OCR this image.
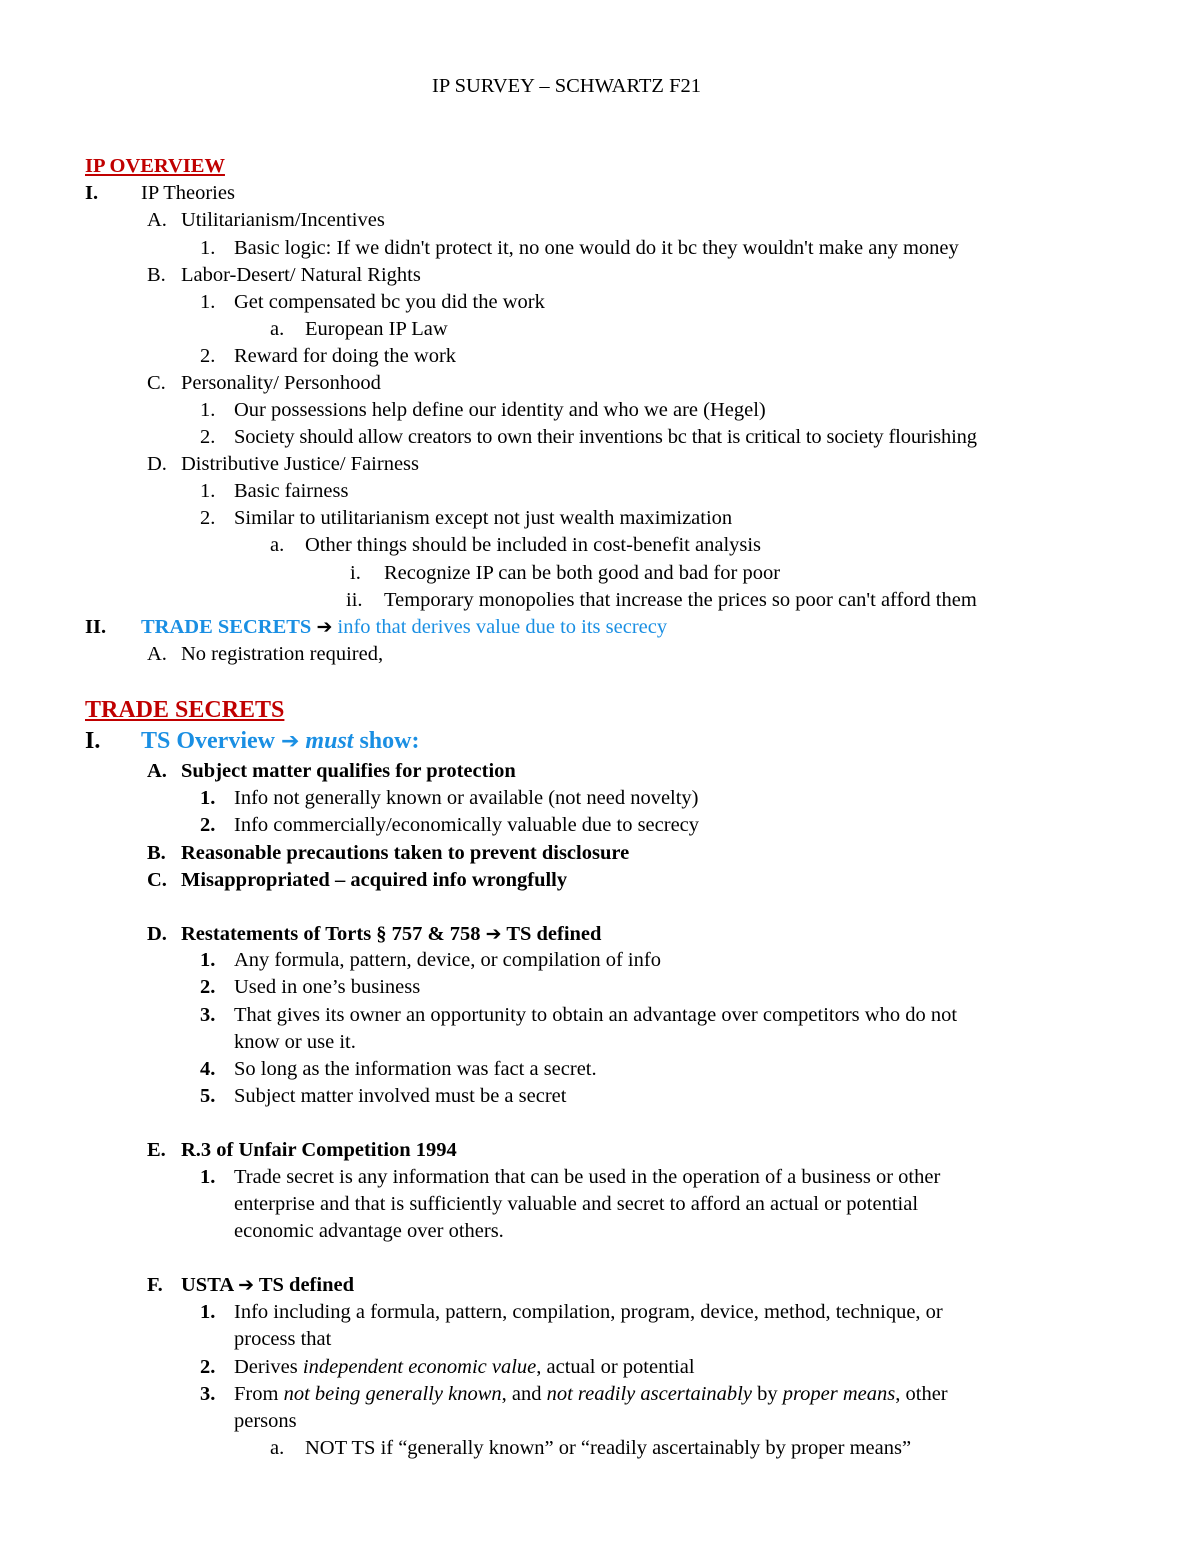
IP SURVEY – SCHWARTZ F21
IP OVERVIEW
I. IP Theories
A. Utilitarianism/Incentives
1. Basic logic: If we didn't protect it, no one would do it bc they wouldn't make any money
B. Labor-Desert/ Natural Rights
1. Get compensated bc you did the work
a. European IP Law
2. Reward for doing the work
C. Personality/ Personhood
1. Our possessions help define our identity and who we are (Hegel)
2. Society should allow creators to own their inventions bc that is critical to society flourishing
D. Distributive Justice/ Fairness
1. Basic fairness
2. Similar to utilitarianism except not just wealth maximization
a. Other things should be included in cost-benefit analysis
i. Recognize IP can be both good and bad for poor
ii. Temporary monopolies that increase the prices so poor can't afford them
II. TRADE SECRETS ➔ info that derives value due to its secrecy
A. No registration required,
TRADE SECRETS
I. TS Overview ➔ must show:
A. Subject matter qualifies for protection
1. Info not generally known or available (not need novelty)
2. Info commercially/economically valuable due to secrecy
B. Reasonable precautions taken to prevent disclosure
C. Misappropriated – acquired info wrongfully
D. Restatements of Torts § 757 & 758 ➔ TS defined
1. Any formula, pattern, device, or compilation of info
2. Used in one’s business
3. That gives its owner an opportunity to obtain an advantage over competitors who do not
know or use it.
4. So long as the information was fact a secret.
5. Subject matter involved must be a secret
E. R.3 of Unfair Competition 1994
1. Trade secret is any information that can be used in the operation of a business or other
enterprise and that is sufficiently valuable and secret to afford an actual or potential
economic advantage over others.
F. USTA ➔ TS defined
1. Info including a formula, pattern, compilation, program, device, method, technique, or
process that
2. Derives independent economic value, actual or potential
3. From not being generally known, and not readily ascertainably by proper means, other
persons
a. NOT TS if “generally known” or “readily ascertainably by proper means”
